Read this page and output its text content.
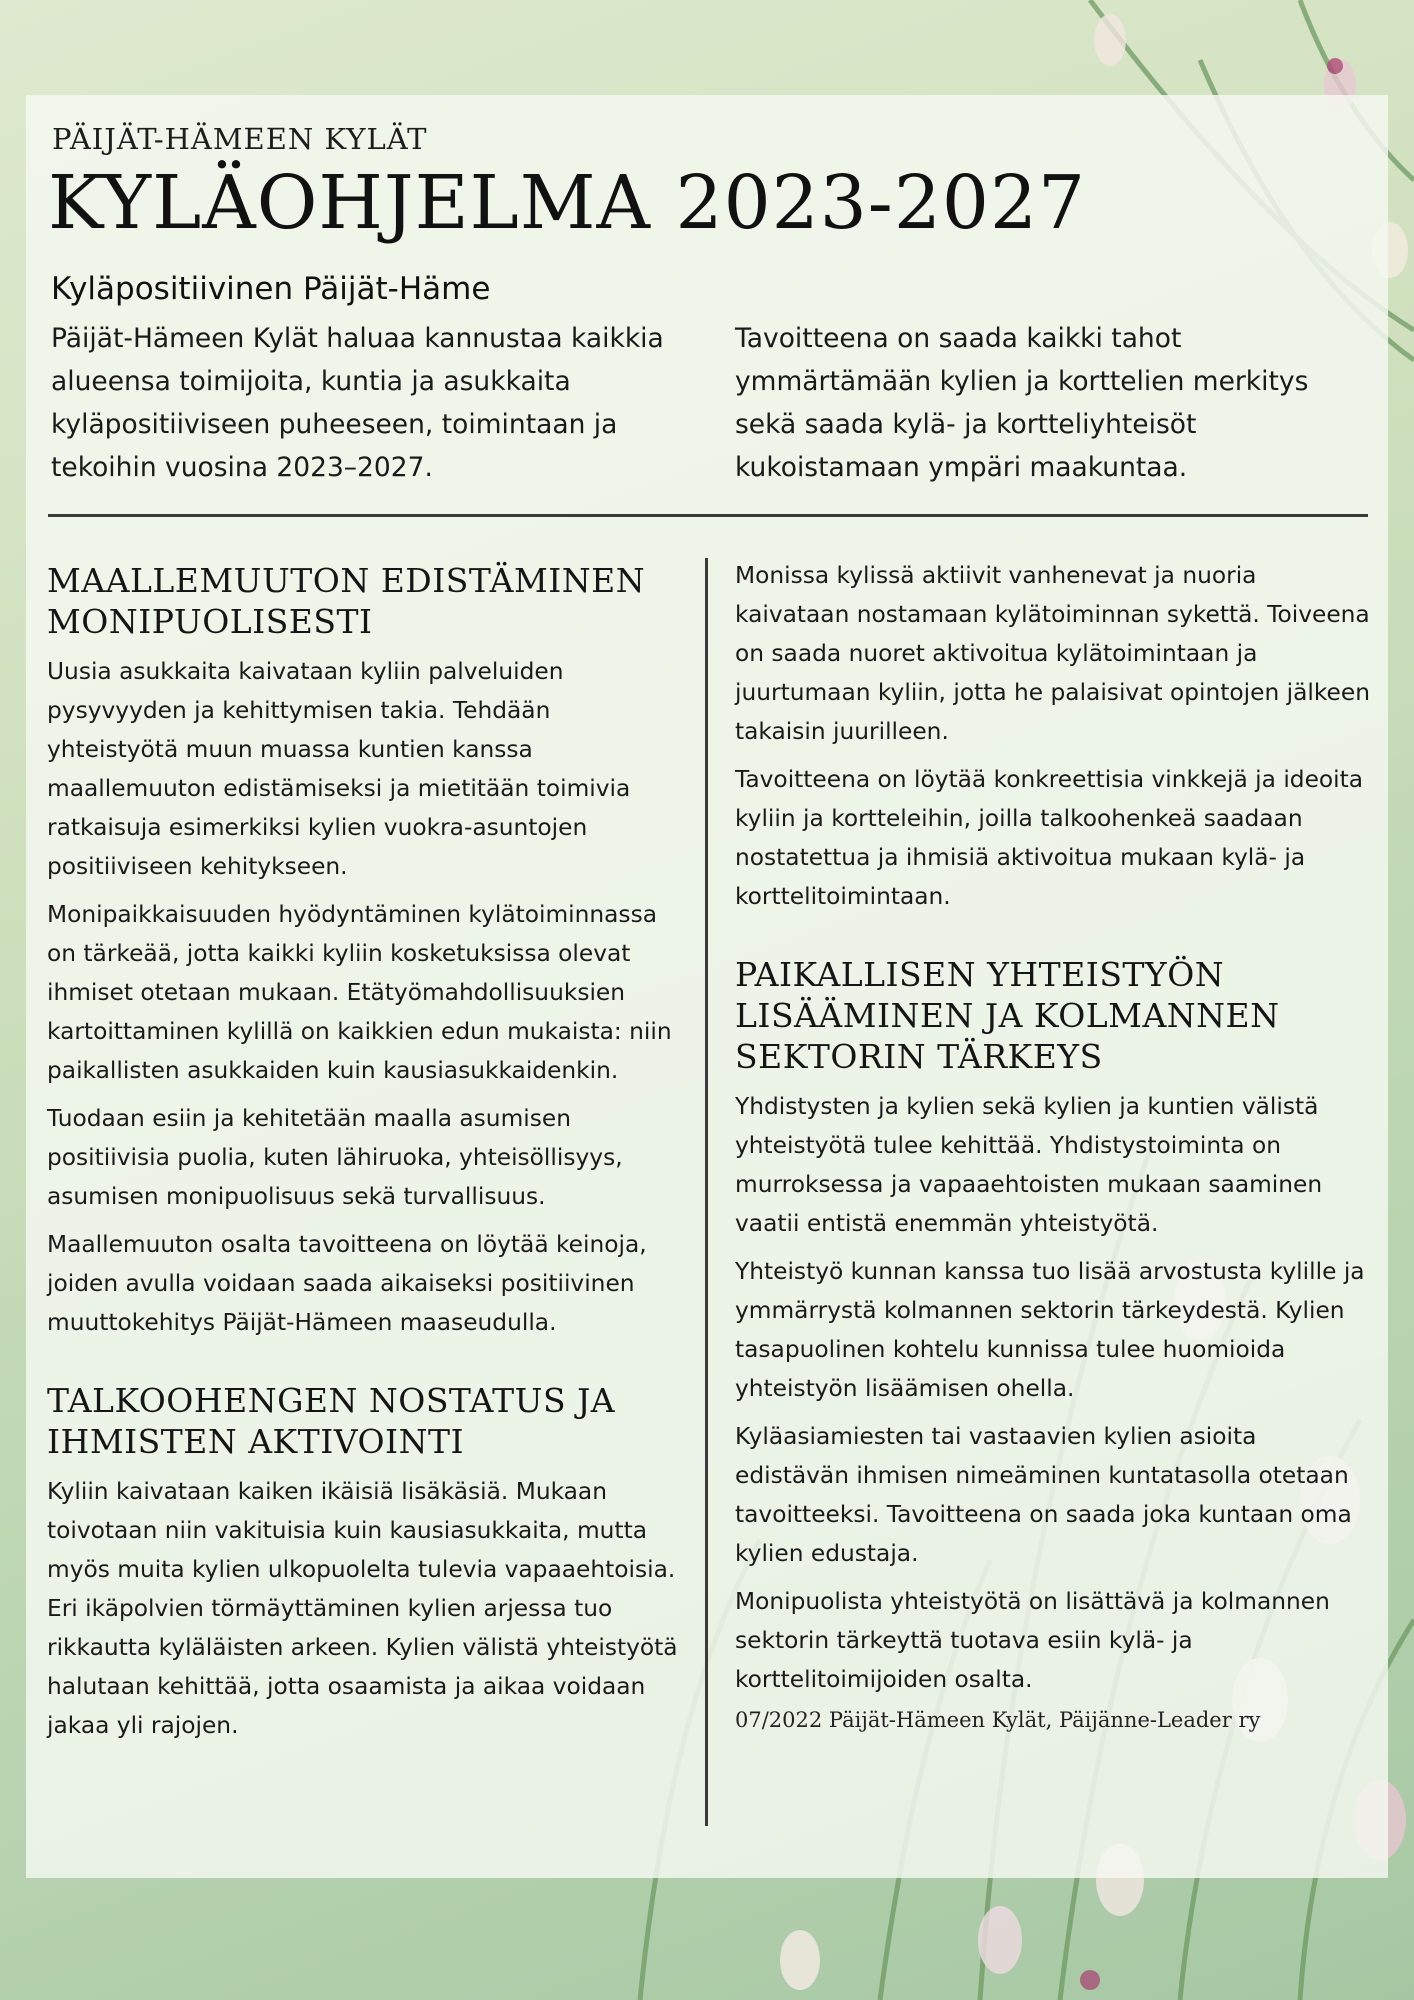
PÄIJÄT-HÄMEEN KYLÄT
KYLÄOHJELMA 2023-2027
Kyläpositiivinen Päijät-Häme

Päijät-Hämeen Kylät haluaa kannustaa kaikkia alueensa toimijoita, kuntia ja asukkaita kyläpositiiviseen puheeseen, toimintaan ja tekoihin vuosina 2023–2027.

Tavoitteena on saada kaikki tahot ymmärtämään kylien ja korttelien merkitys sekä saada kylä- ja kortteliyhteisöt kukoistamaan ympäri maakuntaa.

MAALLEMUUTON EDISTÄMINEN MONIPUOLISESTI

Uusia asukkaita kaivataan kyliin palveluiden pysyvyyden ja kehittymisen takia. Tehdään yhteistyötä muun muassa kuntien kanssa maallemuuton edistämiseksi ja mietitään toimivia ratkaisuja esimerkiksi kylien vuokra-asuntojen positiiviseen kehitykseen.

Monipaikkaisuuden hyödyntäminen kylätoiminnassa on tärkeää, jotta kaikki kyliin kosketuksissa olevat ihmiset otetaan mukaan. Etätyömahdollisuuksien kartoittaminen kylillä on kaikkien edun mukaista: niin paikallisten asukkaiden kuin kausiasukkaidenkin.

Tuodaan esiin ja kehitetään maalla asumisen positiivisia puolia, kuten lähiruoka, yhteisöllisyys, asumisen monipuolisuus sekä turvallisuus.

Maallemuuton osalta tavoitteena on löytää keinoja, joiden avulla voidaan saada aikaiseksi positiivinen muuttokehitys Päijät-Hämeen maaseudulla.

TALKOOHENGEN NOSTATUS JA IHMISTEN AKTIVOINTI

Kyliin kaivataan kaiken ikäisiä lisäkäsiä. Mukaan toivotaan niin vakituisia kuin kausiasukkaita, mutta myös muita kylien ulkopuolelta tulevia vapaaehtoisia. Eri ikäpolvien törmäyttäminen kylien arjessa tuo rikkautta kyläläisten arkeen. Kylien välistä yhteistyötä halutaan kehittää, jotta osaamista ja aikaa voidaan jakaa yli rajojen.

Monissa kylissä aktiivit vanhenevat ja nuoria kaivataan nostamaan kylätoiminnan sykettä. Toiveena on saada nuoret aktivoitua kylätoimintaan ja juurtumaan kyliin, jotta he palaisivat opintojen jälkeen takaisin juurilleen.

Tavoitteena on löytää konkreettisia vinkkejä ja ideoita kyliin ja kortteleihin, joilla talkoohenkeä saadaan nostatettua ja ihmisiä aktivoitua mukaan kylä- ja korttelitoimintaan.

PAIKALLISEN YHTEISTYÖN LISÄÄMINEN JA KOLMANNEN SEKTORIN TÄRKEYS

Yhdistysten ja kylien sekä kylien ja kuntien välistä yhteistyötä tulee kehittää. Yhdistystoiminta on murroksessa ja vapaaehtoisten mukaan saaminen vaatii entistä enemmän yhteistyötä.

Yhteistyö kunnan kanssa tuo lisää arvostusta kylille ja ymmärrystä kolmannen sektorin tärkeydestä. Kylien tasapuolinen kohtelu kunnissa tulee huomioida yhteistyön lisäämisen ohella.

Kyläasiamiesten tai vastaavien kylien asioita edistävän ihmisen nimeäminen kuntatasolla otetaan tavoitteeksi. Tavoitteena on saada joka kuntaan oma kylien edustaja.

Monipuolista yhteistyötä on lisättävä ja kolmannen sektorin tärkeyttä tuotava esiin kylä- ja korttelitoimijoiden osalta.

07/2022 Päijät-Hämeen Kylät, Päijänne-Leader ry
